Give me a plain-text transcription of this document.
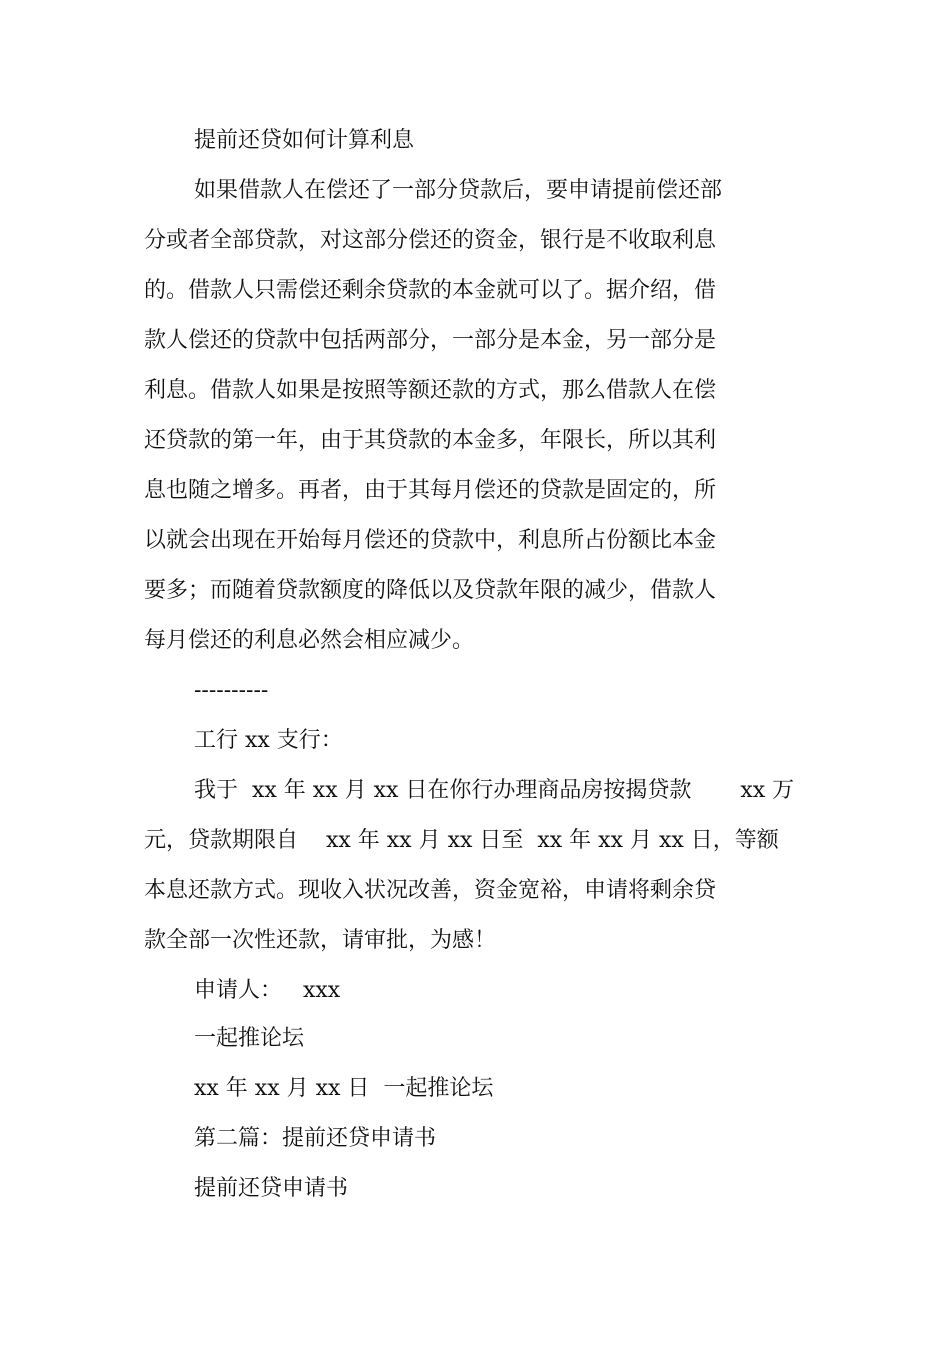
提前还贷如何计算利息

如果借款人在偿还了一部分贷款后，要申请提前偿还部

分或者全部贷款，对这部分偿还的资金，银行是不收取利息

的。借款人只需偿还剩余贷款的本金就可以了。据介绍，借

款人偿还的贷款中包括两部分，一部分是本金，另一部分是

利息。借款人如果是按照等额还款的方式，那么借款人在偿

还贷款的第一年，由于其贷款的本金多，年限长，所以其利

息也随之增多。再者，由于其每月偿还的贷款是固定的，所

以就会出现在开始每月偿还的贷款中，利息所占份额比本金

要多；而随着贷款额度的降低以及贷款年限的减少，借款人

每月偿还的利息必然会相应减少。

----------

工行 xx 支行：

我于  xx 年 xx 月 xx 日在你行办理商品房按揭贷款       xx 万

元，贷款期限自    xx 年 xx 月 xx 日至  xx 年 xx 月 xx 日，等额

本息还款方式。现收入状况改善，资金宽裕，申请将剩余贷

款全部一次性还款，请审批，为感！

申请人：   xxx

一起推论坛

xx 年 xx 月 xx 日  一起推论坛

第二篇：提前还贷申请书

提前还贷申请书
